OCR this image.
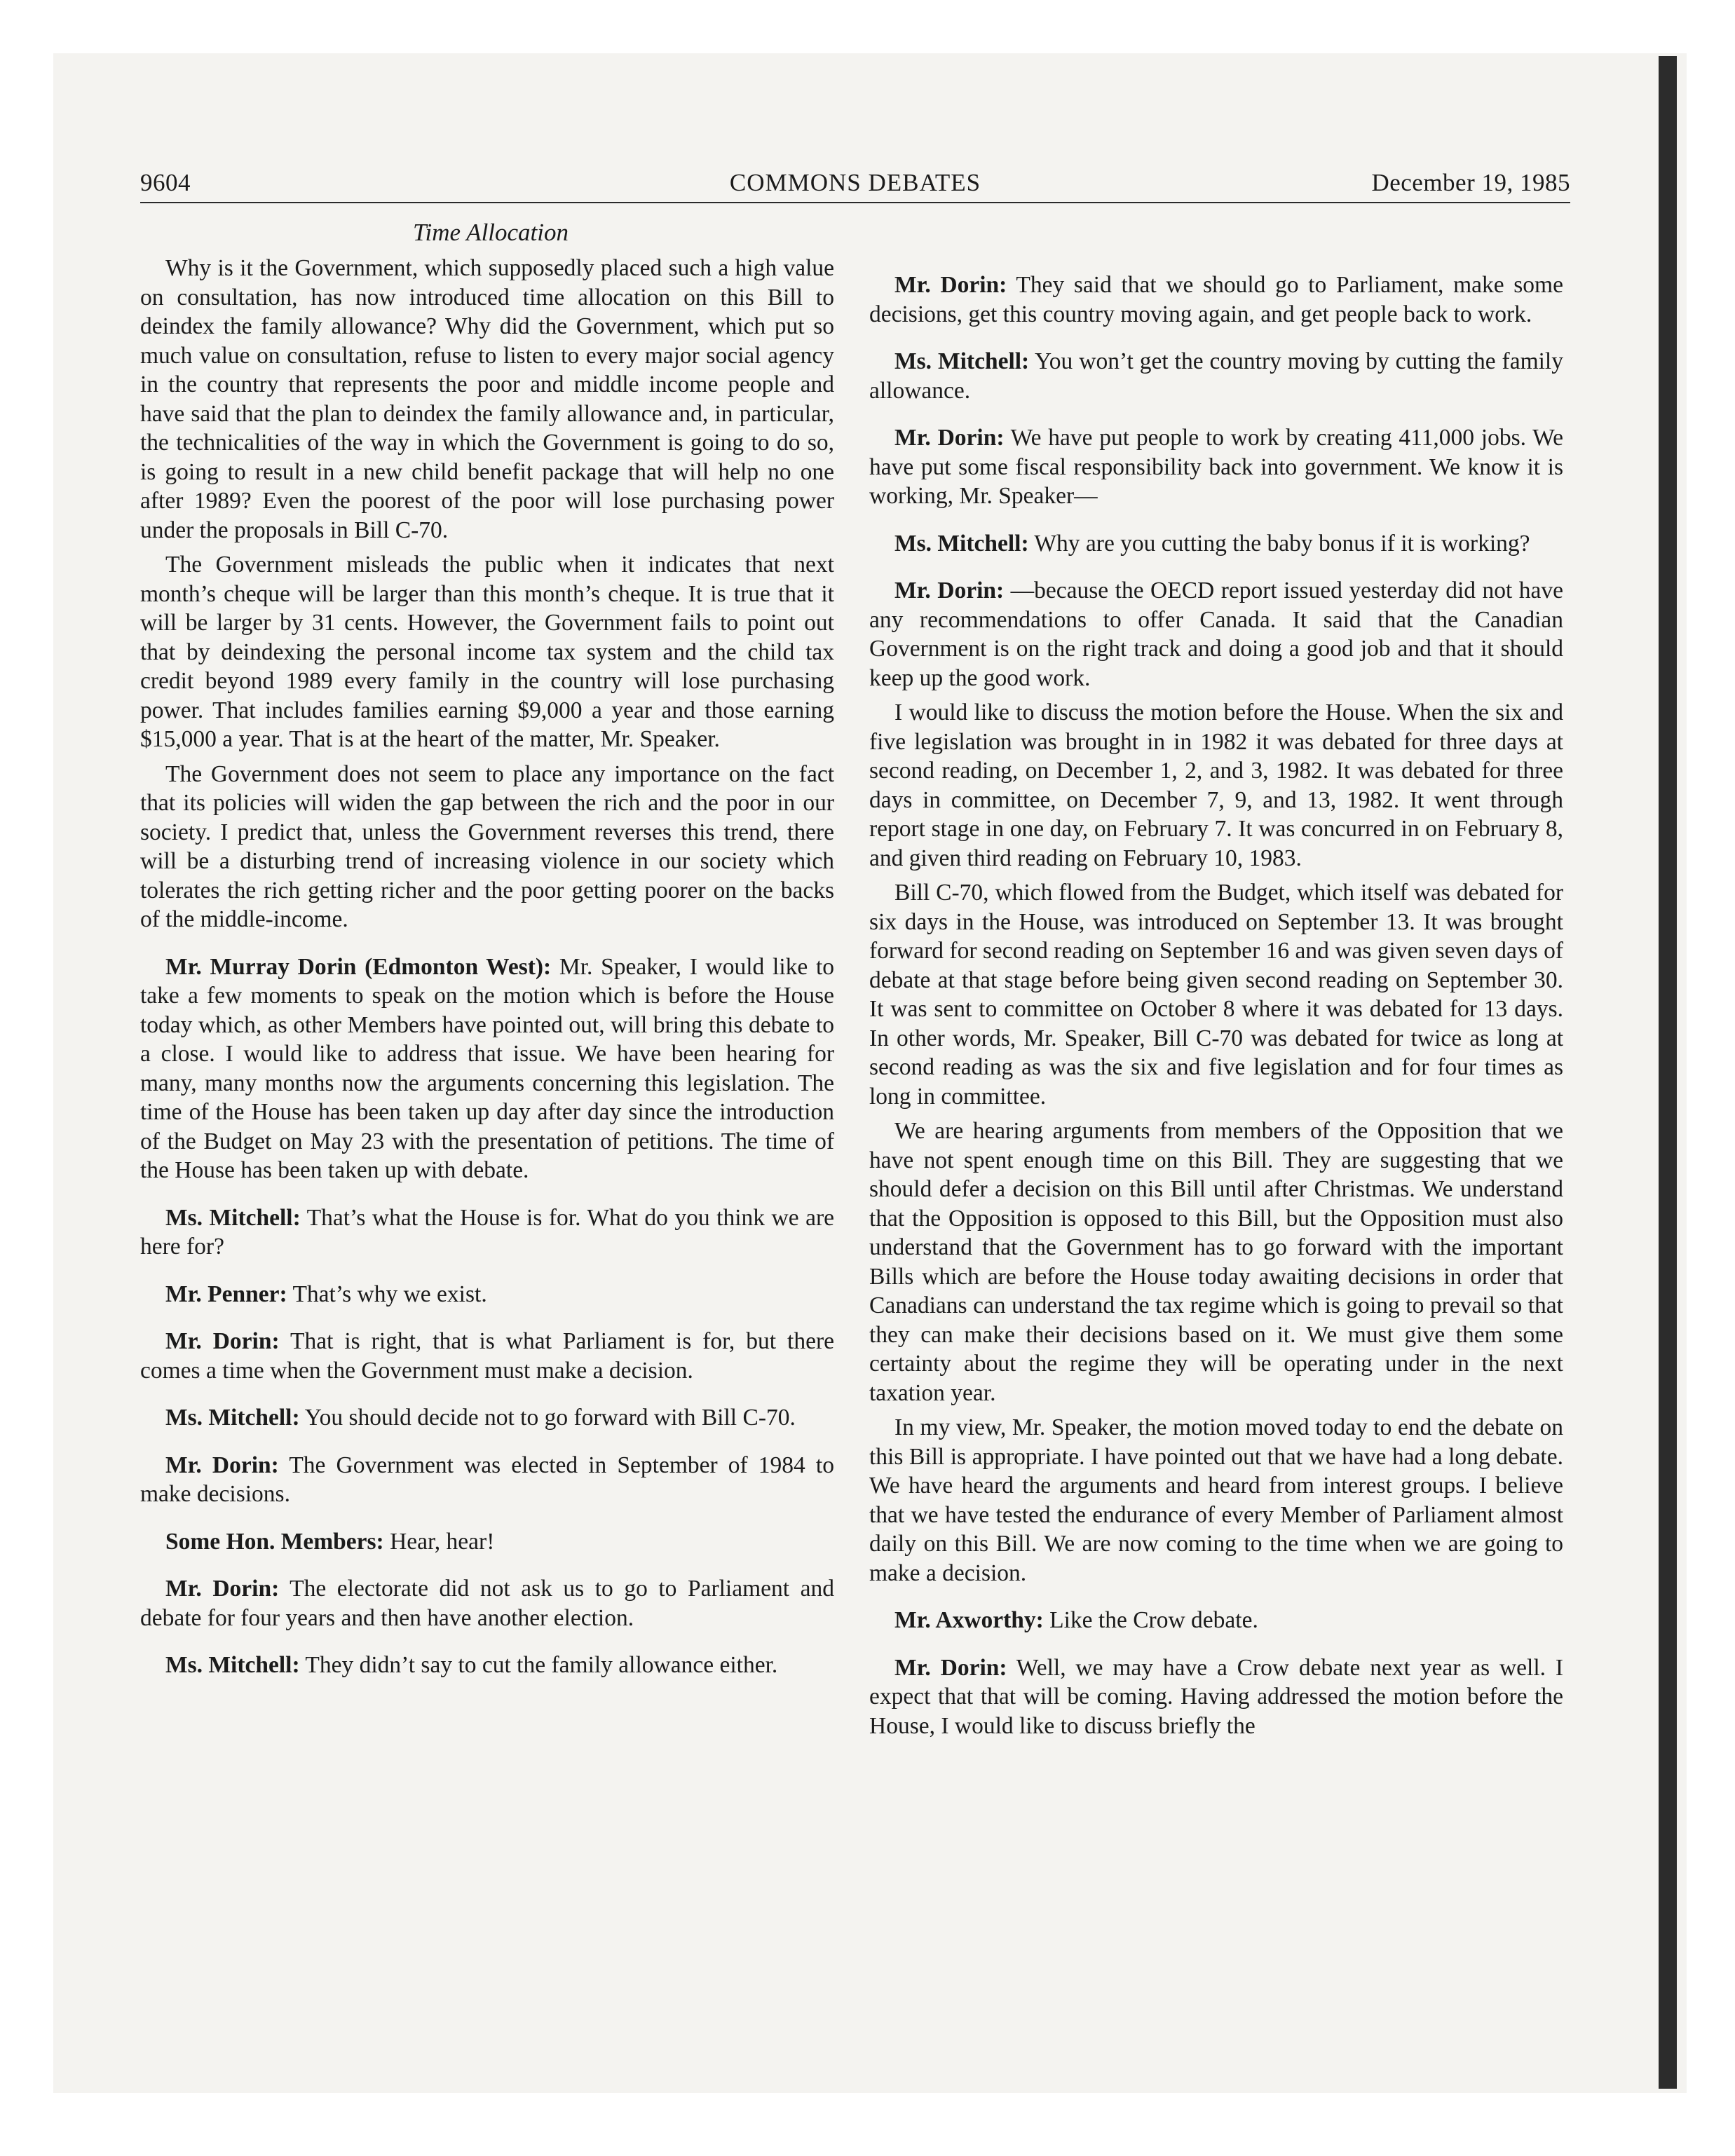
9604	COMMONS DEBATES	December 19, 1985
Time Allocation

Why is it the Government, which supposedly placed such a high value on consultation, has now introduced time allocation on this Bill to deindex the family allowance? Why did the Government, which put so much value on consultation, refuse to listen to every major social agency in the country that represents the poor and middle income people and have said that the plan to deindex the family allowance and, in particular, the technicalities of the way in which the Government is going to do so, is going to result in a new child benefit package that will help no one after 1989? Even the poorest of the poor will lose purchasing power under the proposals in Bill C-70.

The Government misleads the public when it indicates that next month’s cheque will be larger than this month’s cheque. It is true that it will be larger by 31 cents. However, the Government fails to point out that by deindexing the personal income tax system and the child tax credit beyond 1989 every family in the country will lose purchasing power. That includes families earning $9,000 a year and those earning $15,000 a year. That is at the heart of the matter, Mr. Speaker.

The Government does not seem to place any importance on the fact that its policies will widen the gap between the rich and the poor in our society. I predict that, unless the Government reverses this trend, there will be a disturbing trend of increasing violence in our society which tolerates the rich getting richer and the poor getting poorer on the backs of the middle-income.

Mr. Murray Dorin (Edmonton West): Mr. Speaker, I would like to take a few moments to speak on the motion which is before the House today which, as other Members have pointed out, will bring this debate to a close. I would like to address that issue. We have been hearing for many, many months now the arguments concerning this legislation. The time of the House has been taken up day after day since the introduction of the Budget on May 23 with the presentation of petitions. The time of the House has been taken up with debate.

Ms. Mitchell: That’s what the House is for. What do you think we are here for?

Mr. Penner: That’s why we exist.

Mr. Dorin: That is right, that is what Parliament is for, but there comes a time when the Government must make a decision.

Ms. Mitchell: You should decide not to go forward with Bill C-70.

Mr. Dorin: The Government was elected in September of 1984 to make decisions.

Some Hon. Members: Hear, hear!

Mr. Dorin: The electorate did not ask us to go to Parliament and debate for four years and then have another election.

Ms. Mitchell: They didn’t say to cut the family allowance either.

Mr. Dorin: They said that we should go to Parliament, make some decisions, get this country moving again, and get people back to work.

Ms. Mitchell: You won’t get the country moving by cutting the family allowance.

Mr. Dorin: We have put people to work by creating 411,000 jobs. We have put some fiscal responsibility back into government. We know it is working, Mr. Speaker—

Ms. Mitchell: Why are you cutting the baby bonus if it is working?

Mr. Dorin: —because the OECD report issued yesterday did not have any recommendations to offer Canada. It said that the Canadian Government is on the right track and doing a good job and that it should keep up the good work.

I would like to discuss the motion before the House. When the six and five legislation was brought in in 1982 it was debated for three days at second reading, on December 1, 2, and 3, 1982. It was debated for three days in committee, on December 7, 9, and 13, 1982. It went through report stage in one day, on February 7. It was concurred in on February 8, and given third reading on February 10, 1983.

Bill C-70, which flowed from the Budget, which itself was debated for six days in the House, was introduced on September 13. It was brought forward for second reading on September 16 and was given seven days of debate at that stage before being given second reading on September 30. It was sent to committee on October 8 where it was debated for 13 days. In other words, Mr. Speaker, Bill C-70 was debated for twice as long at second reading as was the six and five legislation and for four times as long in committee.

We are hearing arguments from members of the Opposition that we have not spent enough time on this Bill. They are suggesting that we should defer a decision on this Bill until after Christmas. We understand that the Opposition is opposed to this Bill, but the Opposition must also understand that the Government has to go forward with the important Bills which are before the House today awaiting decisions in order that Canadians can understand the tax regime which is going to prevail so that they can make their decisions based on it. We must give them some certainty about the regime they will be operating under in the next taxation year.

In my view, Mr. Speaker, the motion moved today to end the debate on this Bill is appropriate. I have pointed out that we have had a long debate. We have heard the arguments and heard from interest groups. I believe that we have tested the endurance of every Member of Parliament almost daily on this Bill. We are now coming to the time when we are going to make a decision.

Mr. Axworthy: Like the Crow debate.

Mr. Dorin: Well, we may have a Crow debate next year as well. I expect that that will be coming. Having addressed the motion before the House, I would like to discuss briefly the
